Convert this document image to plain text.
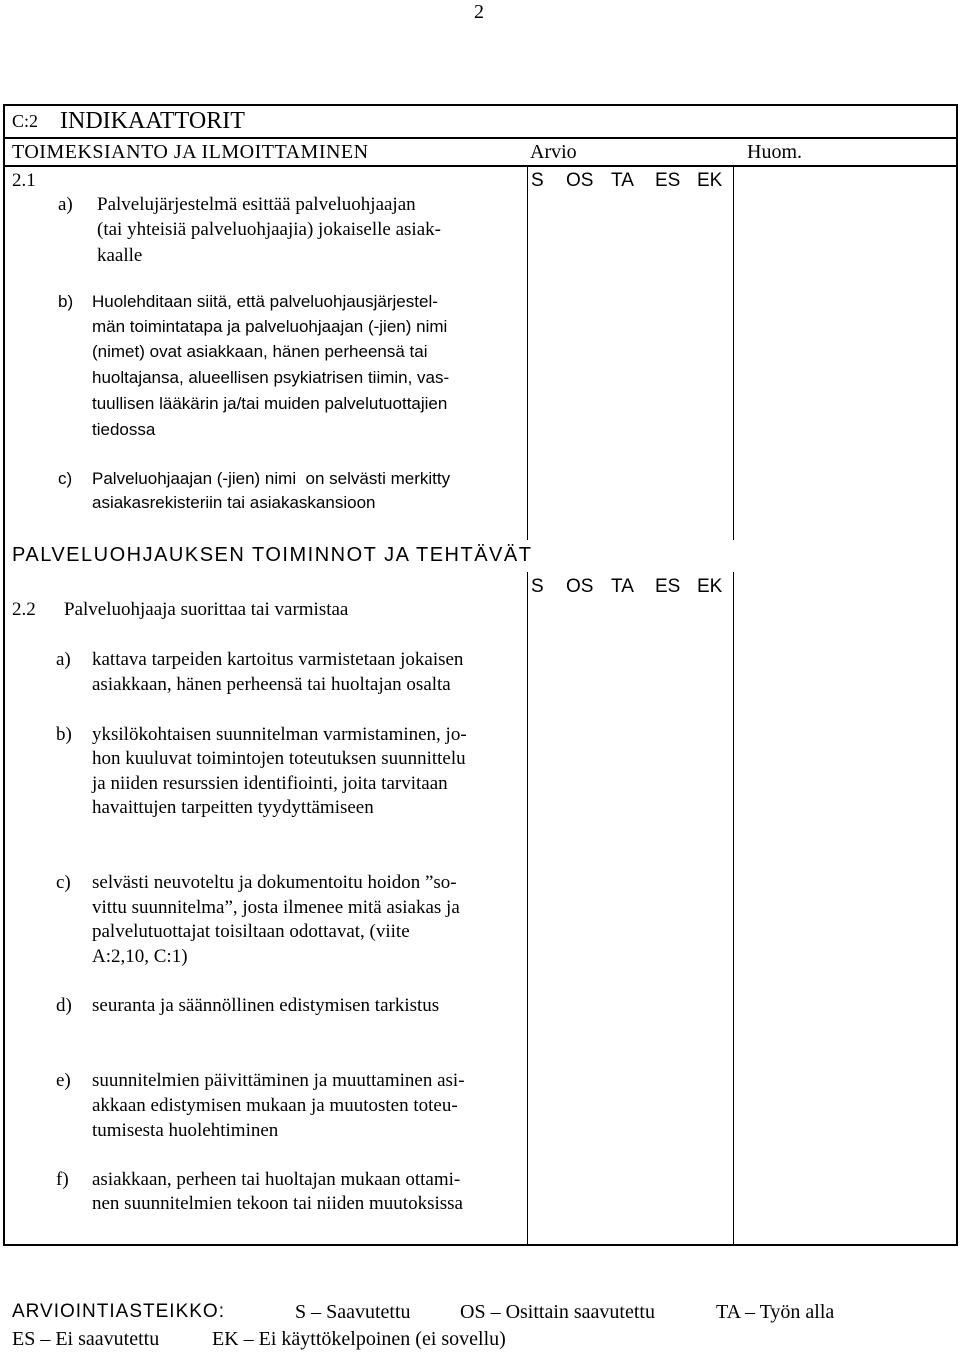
2
C:2 INDIKAATTORIT
TOIMEKSIANTO JA ILMOITTAMINEN	Arvio	Huom.
2.1	S OS TA ES EK
a) Palvelujärjestelmä esittää palveluohjaajan
(tai yhteisiä palveluohjaajia) jokaiselle asiak-
kaalle
b) Huolehditaan siitä, että palveluohjausjärjestel-
män toimintatapa ja palveluohjaajan (-jien) nimi
(nimet) ovat asiakkaan, hänen perheensä tai
huoltajansa, alueellisen psykiatrisen tiimin, vas-
tuullisen lääkärin ja/tai muiden palvelutuottajien
tiedossa
c) Palveluohjaajan (-jien) nimi  on selvästi merkitty
asiakasrekisteriin tai asiakaskansioon
PALVELUOHJAUKSEN TOIMINNOT JA TEHTÄVÄT
S OS TA ES EK
2.2 Palveluohjaaja suorittaa tai varmistaa
a) kattava tarpeiden kartoitus varmistetaan jokaisen
asiakkaan, hänen perheensä tai huoltajan osalta
b) yksilökohtaisen suunnitelman varmistaminen, jo-
hon kuuluvat toimintojen toteutuksen suunnittelu
ja niiden resurssien identifiointi, joita tarvitaan
havaittujen tarpeitten tyydyttämiseen
c) selvästi neuvoteltu ja dokumentoitu hoidon ”so-
vittu suunnitelma”, josta ilmenee mitä asiakas ja
palvelutuottajat toisiltaan odottavat, (viite
A:2,10, C:1)
d) seuranta ja säännöllinen edistymisen tarkistus
e) suunnitelmien päivittäminen ja muuttaminen asi-
akkaan edistymisen mukaan ja muutosten toteu-
tumisesta huolehtiminen
f) asiakkaan, perheen tai huoltajan mukaan ottami-
nen suunnitelmien tekoon tai niiden muutoksissa
ARVIOINTIASTEIKKO:	S – Saavutettu OS – Osittain saavutettu	TA – Työn alla
ES – Ei saavutettu	EK – Ei käyttökelpoinen (ei sovellu)
